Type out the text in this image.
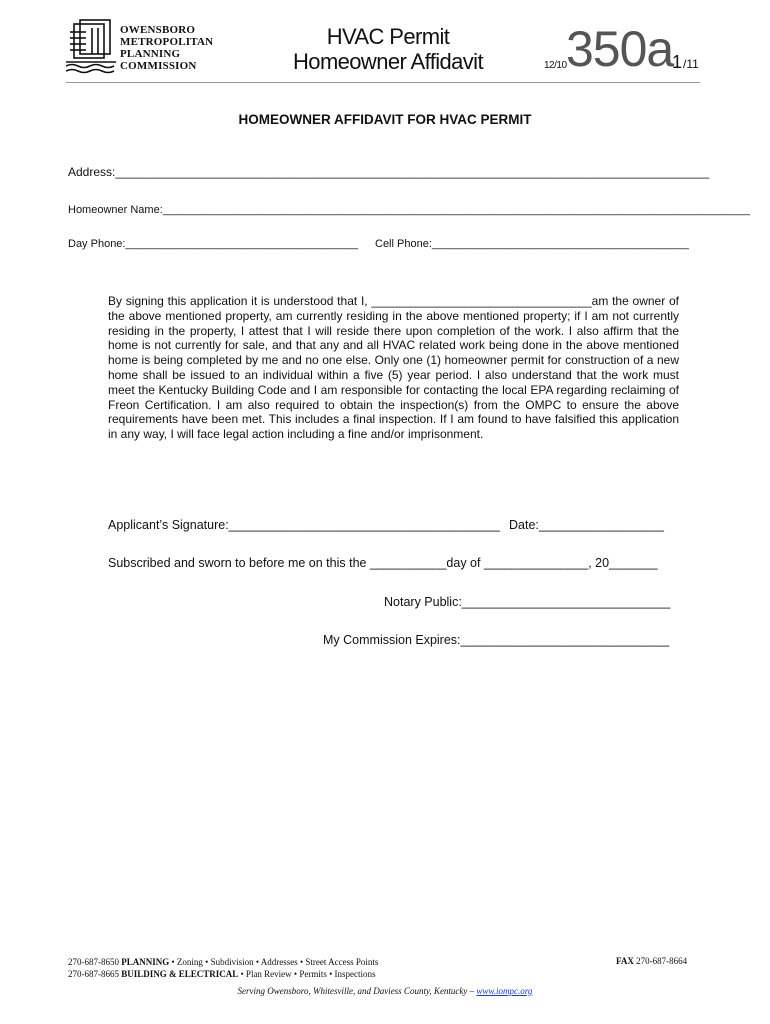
OWENSBORO
METROPOLITAN
PLANNING
COMMISSION
HVAC Permit
Homeowner Affidavit	12/10 350a
1 /11
HOMEOWNER AFFIDAVIT FOR HVAC PERMIT
Address:_________________________________________________________________________________________
Homeowner Name:________________________________________________________________________________________________
Day Phone:______________________________________ Cell Phone:__________________________________________
By signing this application it is understood that I, _________________________________am the owner of the above mentioned property, am currently residing in the above mentioned property; if I am not currently residing in the property, I attest that I will reside there upon completion of the work. I also affirm that the home is not currently for sale, and that any and all HVAC related work being done in the above mentioned home is being completed by me and no one else. Only one (1) homeowner permit for construction of a new home shall be issued to an individual within a five (5) year period. I also understand that the work must meet the Kentucky Building Code and I am responsible for contacting the local EPA regarding reclaiming of Freon Certification. I am also required to obtain the inspection(s) from the OMPC to ensure the above requirements have been met. This includes a final inspection. If I am found to have falsified this application in any way, I will face legal action including a fine and/or imprisonment.
Applicant’s Signature:_______________________________________ Date:__________________
Subscribed and sworn to before me on this the ___________day of _______________, 20_______
Notary Public:______________________________
My Commission Expires:______________________________
270-687-8650 PLANNING • Zoning • Subdivision • Addresses • Street Access Points
270-687-8665 BUILDING & ELECTRICAL • Plan Review • Permits • Inspections
FAX 270-687-8664
Serving Owensboro, Whitesville, and Daviess County, Kentucky – www.iompc.org
